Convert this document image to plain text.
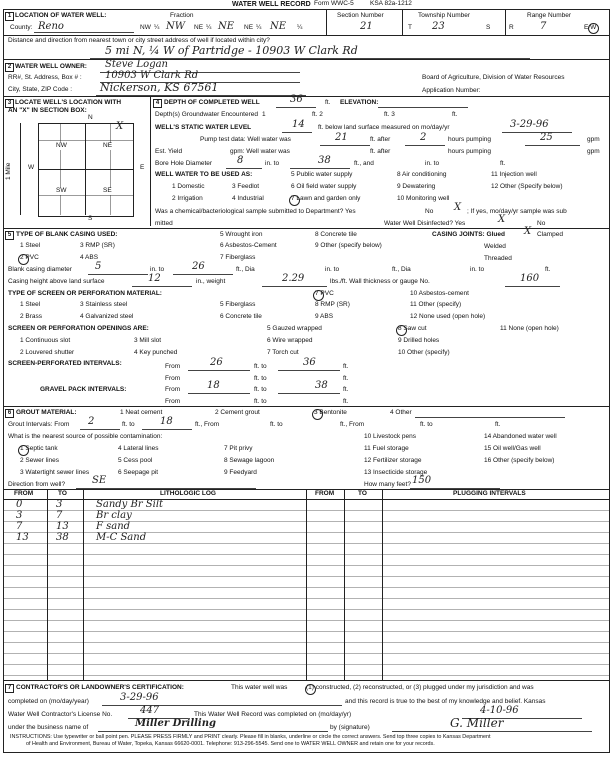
WATER WELL RECORD Form WWC-5	KSA 82a-1212
1 LOCATION OF WATER WELL:
County: Reno
Fraction
NW ¼ NW NE ¼ NE NE ¼ NE ¼
Section Number
21
Township Number
T 23	S
Range Number
R	7	E/W
Distance and direction from nearest town or city street address of well if located within city?
5 mi N, ¼ W of Partridge - 10903 W Clark Rd
2 WATER WELL OWNER: Steve Logan
RR#, St. Address, Box # : 10903 W Clark Rd
City, State, ZIP Code :	Nickerson, KS 67561
Board of Agriculture, Division of Water Resources
Application Number:
3 LOCATE WELL'S LOCATION WITH
AN "X" IN SECTION BOX:
N
S
W	E
1 Mile
NW	NE
SW	SE
X
4 DEPTH OF COMPLETED WELL	36	ft. ELEVATION:
Depth(s) Groundwater Encountered 1	ft. 2	ft. 3	ft.
WELL'S STATIC WATER LEVEL	14 ft. below land surface measured on mo/day/yr	3-29-96
Pump test data: Well water was	21	ft. after	2	hours pumping	25	gpm
Est. Yield	gpm: Well water was	ft. after	hours pumping	gpm
Bore Hole Diameter 8	in. to	38	ft., and	in. to	ft.
WELL WATER TO BE USED AS:
1 Domestic
2 Irrigation
3 Feedlot
4 Industrial
5 Public water supply
6 Oil field water supply
7 Lawn and garden only
8 Air conditioning
9 Dewatering
10 Monitoring well
11 Injection well
12 Other (Specify below)
Was a chemical/bacteriological sample submitted to Department? Yes	No X ; If yes, mo/day/yr sample was sub
mitted	Water Well Disinfected? Yes	X	No
5 TYPE OF BLANK CASING USED:
1 Steel
2 PVC
3 RMP (SR)
4 ABS
5 Wrought iron
6 Asbestos-Cement
7 Fiberglass
8 Concrete tile
9 Other (specify below)
CASING JOINTS: Glued X Clamped
Welded
Threaded
Blank casing diameter 5	in. to	26	ft., Dia	in. to	ft., Dia	in. to	ft.
Casing height above land surface	12	in., weight	2.29	lbs./ft. Wall thickness or gauge No.	160
TYPE OF SCREEN OR PERFORATION MATERIAL:
1 Steel
2 Brass
3 Stainless steel
4 Galvanized steel
5 Fiberglass
6 Concrete tile
7 PVC
8 RMP (SR)
9 ABS
10 Asbestos-cement
11 Other (specify)
12 None used (open hole)
SCREEN OR PERFORATION OPENINGS ARE:
1 Continuous slot
2 Louvered shutter
3 Mill slot
4 Key punched
5 Gauzed wrapped
6 Wire wrapped
7 Torch cut
8 Saw cut
9 Drilled holes
10 Other (specify)
11 None (open hole)
SCREEN-PERFORATED INTERVALS:	From	26	ft. to	36	ft.
From	ft. to	ft.
GRAVEL PACK INTERVALS:	From	18	ft. to	38 ft.
From	ft. to	ft.
6 GROUT MATERIAL:	1 Neat cement	2 Cement grout	3 Bentonite	4 Other
Grout Intervals: From 2	ft. to	18	ft., From	ft. to	ft., From	ft. to	ft.
What is the nearest source of possible contamination:
1 Septic tank
2 Sewer lines
3 Watertight sewer lines
4 Lateral lines
5 Cess pool
6 Seepage pit
7 Pit privy
8 Sewage lagoon
9 Feedyard
10 Livestock pens
11 Fuel storage
12 Fertilizer storage
13 Insecticide storage
14 Abandoned water well
15 Oil well/Gas well
16 Other (specify below)
Direction from well?	SE	How many feet? 150
FROM	TO	LITHOLOGIC LOG	FROM	TO	PLUGGING INTERVALS
0	3	Sandy Br Silt
3	7	Br clay
7	13	F sand
13	38	M-C Sand
7 CONTRACTOR'S OR LANDOWNER'S CERTIFICATION:	This water well was	(1) constructed, (2) reconstructed, or (3) plugged under my jurisdiction and was
completed on (mo/day/year)	3-29-96	and this record is true to the best of my knowledge and belief. Kansas
Water Well Contractor's License No.	447	This Water Well Record was completed on (mo/day/yr)	4-10-96
under the business name of	Miller Drilling	by (signature)	G. Miller
INSTRUCTIONS: Use typewriter or ball point pen. PLEASE PRESS FIRMLY and PRINT clearly. Please fill in blanks, underline or circle the correct answers. Send top three copies to Kansas Department
of Health and Environment, Bureau of Water, Topeka, Kansas 66620-0001. Telephone: 913-296-5545. Send one to WATER WELL OWNER and retain one for your records.
